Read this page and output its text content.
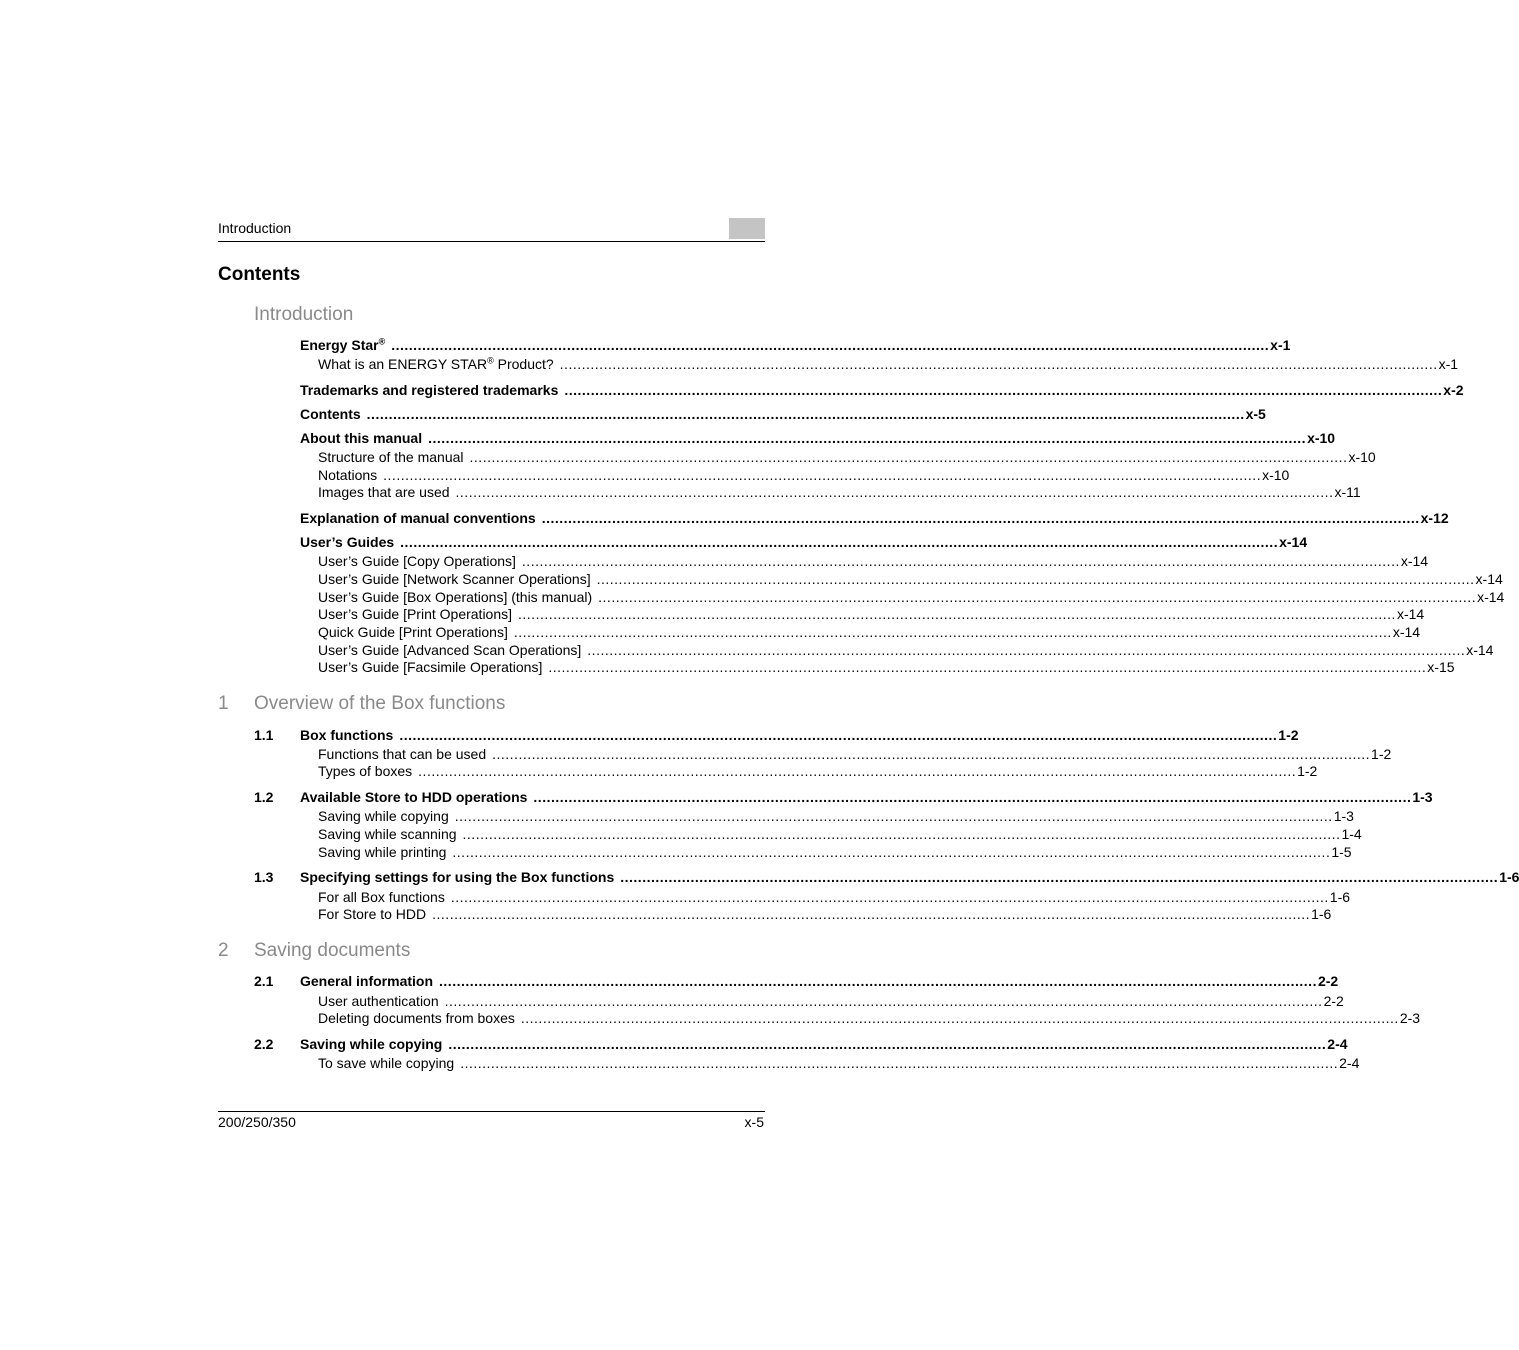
Introduction
Contents
Introduction
Energy Star® ........................................................................................................................................................................................................ x-1
What is an ENERGY STAR® Product? ........................................................................................................................................................................................................ x-1
Trademarks and registered trademarks ........................................................................................................................................................................................................ x-2
Contents ........................................................................................................................................................................................................ x-5
About this manual ........................................................................................................................................................................................................ x-10
Structure of the manual ........................................................................................................................................................................................................ x-10
Notations ........................................................................................................................................................................................................ x-10
Images that are used ........................................................................................................................................................................................................ x-11
Explanation of manual conventions ........................................................................................................................................................................................................ x-12
User’s Guides ........................................................................................................................................................................................................ x-14
User’s Guide [Copy Operations] ........................................................................................................................................................................................................ x-14
User’s Guide [Network Scanner Operations] ........................................................................................................................................................................................................ x-14
User’s Guide [Box Operations] (this manual) ........................................................................................................................................................................................................ x-14
User’s Guide [Print Operations] ........................................................................................................................................................................................................ x-14
Quick Guide [Print Operations] ........................................................................................................................................................................................................ x-14
User’s Guide [Advanced Scan Operations] ........................................................................................................................................................................................................ x-14
User’s Guide [Facsimile Operations] ........................................................................................................................................................................................................ x-15
1 Overview of the Box functions
1.1 Box functions ........................................................................................................................................................................................................ 1-2
Functions that can be used ........................................................................................................................................................................................................ 1-2
Types of boxes ........................................................................................................................................................................................................ 1-2
1.2 Available Store to HDD operations ........................................................................................................................................................................................................ 1-3
Saving while copying ........................................................................................................................................................................................................ 1-3
Saving while scanning ........................................................................................................................................................................................................ 1-4
Saving while printing ........................................................................................................................................................................................................ 1-5
1.3 Specifying settings for using the Box functions ........................................................................................................................................................................................................ 1-6
For all Box functions ........................................................................................................................................................................................................ 1-6
For Store to HDD ........................................................................................................................................................................................................ 1-6
2 Saving documents
2.1 General information ........................................................................................................................................................................................................ 2-2
User authentication ........................................................................................................................................................................................................ 2-2
Deleting documents from boxes ........................................................................................................................................................................................................ 2-3
2.2 Saving while copying ........................................................................................................................................................................................................ 2-4
To save while copying ........................................................................................................................................................................................................ 2-4
200/250/350	x-5
